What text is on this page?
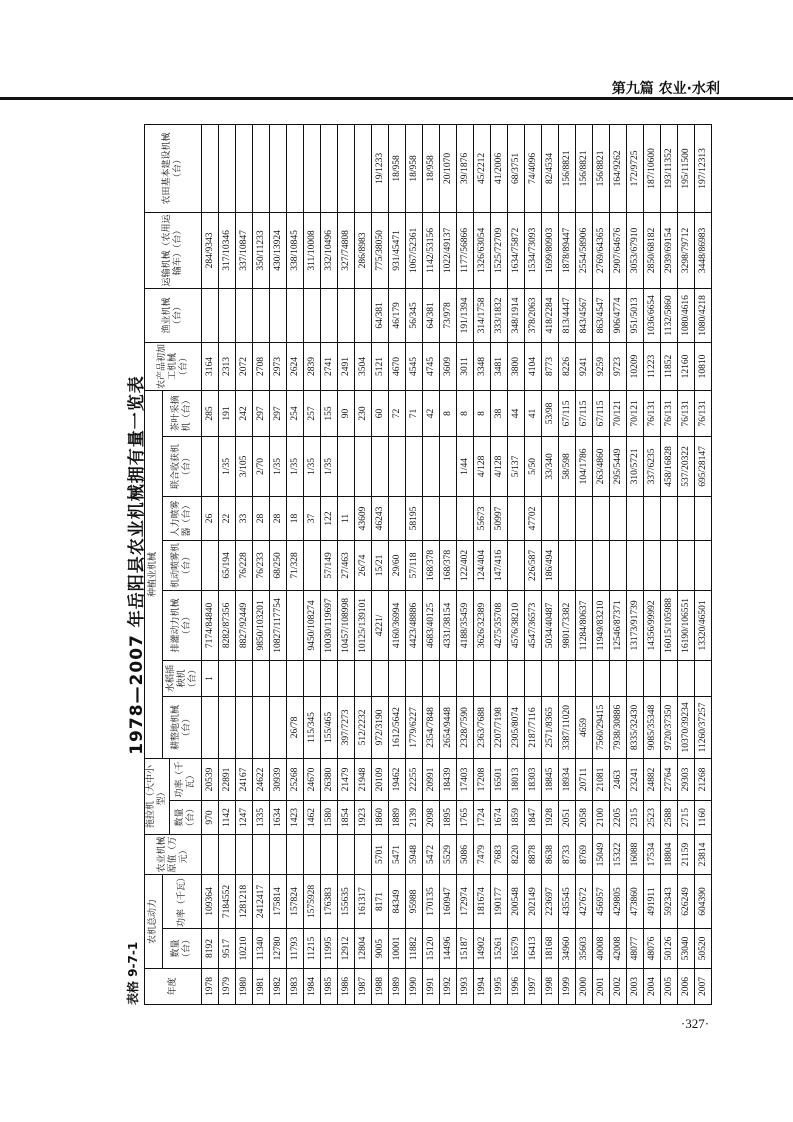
第九篇 农业·水利
表格 9-7-1
1978—2007 年岳阳县农业机械拥有量一览表
年度	农机总动力		农业机械原值（万元）	拖拉机（大中小型）		种植业机械							农产品初加工机械（台）	渔业机械（台）	运输机械（农用运输车）（台）	农田基本建设机械（台）
	数量（台）	功率（千瓦）				耕整地机械（台）	水稻插秧机（台）	排灌动力机械（台）	机动喷雾机（台）	人力喷雾器（台）	联合收获机（台）	茶叶采摘机（台）				
				数量（台）	功率（千瓦）											
1978	8192	109364		970	20539		1	7174/84840		26		285	3164		284/9343	
1979	9517	7184552		1142	22891			8282/87356	65/194	22	1/35	191	2313		317/10346	
1980	10210	1281218		1247	24167			8827/92449	76/228	33	3/105	242	2072		337/10847	
1981	11340	2412417		1335	24622			9850/103201	76/233	28	2/70	297	2708		350/11233	
1982	12780	175814		1634	30939			10827/117754	68/250	28	1/35	297	2973		430/13924	
1983	11793	157824		1423	25268	26/78			71/328	18	1/35	254	2624		338/10845	
1984	11215	1575928		1462	24670	115/345		9450/108274		37	1/35	257	2839		311/10008	
1985	11995	176383		1580	26380	155/465		10030/119697	57/149	122	1/35	155	2741		332/10496	
1986	12912	155635		1854	21479	397/7273		10457/108998	27/463	11		90	2491		327/74808	
1987	12804	161317		1923	21948	512/2232		10125/139101	26/74	43609		230	3504		286/8983	
1988	9005	8171	5701	1860	20109	972/3190		4221/	15/21	46243		60	5121	64/381	775/38050	19/1233
1989	10001	84349	5471	1889	19462	1612/5642		4160/36994	29/60			72	4670	46/179	931/45471	18/958
1990	11882	95988	5948	2139	22255	1779/6227		4423/48886	57/118	58195		71	4545	56/345	1067/52361	18/958
1991	15120	170135	5472	2098	20991	2354/7848		4683/40125	168/378			42	4745	64/381	1142/53156	18/958
1992	14496	160947	5529	1895	18439	2654/9448		4331/38154	168/378			8	3609	73/978	1022/49137	20/1070
1993	15187	172974	5086	1765	17403	2328/7590		4188/35459	122/402		1/44	8	3011	191/1394	1177/56866	39/1876
1994	14902	181674	7479	1724	17208	2363/7688		3626/32389	124/404	55673	4/128	8	3348	314/1758	1326/63054	45/2212
1995	15261	190177	7683	1674	16501	2207/7198		4275/35708	147/416	50997	4/128	38	3481	333/1832	1525/72709	41/2006
1996	16579	200548	8220	1859	18013	2305/8074		4576/38210			5/137	44	3800	348/1914	1634/75872	68/3751
1997	16413	202149	8878	1847	18303	2187/7116		4547/36573	226/587	47702	5/50	41	4104	378/2063	1534/73093	74/4096
1998	18168	223697	8638	1928	18845	2571/8365		5034/40487	186/494		33/340	53/98	8773	418/2284	1699/80903	82/4534
1999	34960	435545	8733	2051	18934	3387/11020		9801/73382			58/598	67/115	8226	813/4447	1878/89447	156/8821
2000	35603	427672	8769	2058	20711	4659		11284/80637			104/1786	67/115	9241	843/4567	2554/58906	156/8821
2001	40008	456957	15049	2100	21081	7560/29415		11949/83210			263/4860	67/115	9259	863/4547	2769/64365	156/8821
2002	42008	429805	15322	2205	2463	7938/30886		12546/87371			295/5449	70/121	9723	906/4774	2907/64676	164/9262
2003	48077	473860	16088	2315	23241	8335/32430		13173/91739			310/5721	70/121	10209	951/5013	3053/67910	172/9725
2004	48076	491911	17534	2523	24882	9085/35348		14356/99992			337/6235	76/131	11223	1036/6654	2850/68182	187/10600
2005	50126	592343	18804	2588	27764	9720/37350		16015/105988			458/16828	76/131	11852	1132/5860	2939/69154	193/11352
2006	53040	626249	21159	2715	29303	10370/39234		16190/106551			537/20322	76/131	12160	1080/4616	3298/79712	195/11500
2007	50520	604390	23814	1160	21268	11260/37257		13320/46501			695/28147	76/131	10810	1080/4218	3448/86983	197/12313
·327·
